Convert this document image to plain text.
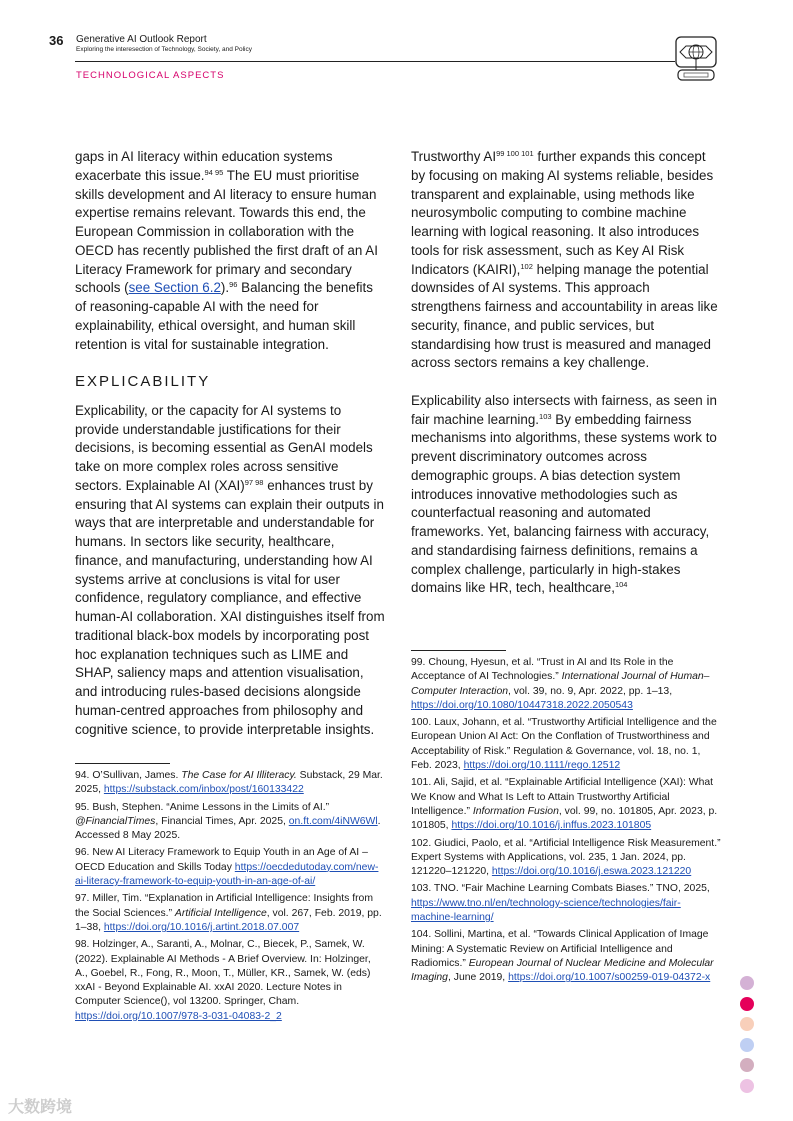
36 Generative AI Outlook Report
Exploring the interesection of Technology, Society, and Policy
TECHNOLOGICAL ASPECTS

gaps in AI literacy within education systems exacerbate this issue.$^{94 95}$ The EU must prioritise skills development and AI literacy to ensure human expertise remains relevant. Towards this end, the European Commission in collaboration with the OECD has recently published the first draft of an AI Literacy Framework for primary and secondary schools (see Section 6.2).$^{96}$ Balancing the benefits of reasoning-capable AI with the need for explainability, ethical oversight, and human skill retention is vital for sustainable integration.

EXPLICABILITY

Explicability, or the capacity for AI systems to provide understandable justifications for their decisions, is becoming essential as GenAI models take on more complex roles across sensitive sectors. Explainable AI (XAI)$^{97 98}$ enhances trust by ensuring that AI systems can explain their outputs in ways that are interpretable and understandable for humans. In sectors like security, healthcare, finance, and manufacturing, understanding how AI systems arrive at conclusions is vital for user confidence, regulatory compliance, and effective human-AI collaboration. XAI distinguishes itself from traditional black-box models by incorporating post hoc explanation techniques such as LIME and SHAP, saliency maps and attention visualisation, and introducing rules-based decisions alongside human-centred approaches from philosophy and cognitive science, to provide interpretable insights.

Trustworthy $AI^{99 100 101}$ further expands this concept by focusing on making AI systems reliable, besides transparent and explainable, using methods like neurosymbolic computing to combine machine learning with logical reasoning. It also introduces tools for risk assessment, such as Key AI Risk Indicators (KAIRI),$^{102}$ helping manage the potential downsides of AI systems. This approach strengthens fairness and accountability in areas like security, finance, and public services, but standardising how trust is measured and managed across sectors remains a key challenge.

Explicability also intersects with fairness, as seen in fair machine learning.$^{103}$ By embedding fairness mechanisms into algorithms, these systems work to prevent discriminatory outcomes across demographic groups. A bias detection system introduces innovative methodologies such as counterfactual reasoning and automated frameworks. Yet, balancing fairness with accuracy, and standardising fairness definitions, remains a complex challenge, particularly in high-stakes domains like HR, tech, healthcare,$^{104}$

94. O’Sullivan, James. The Case for AI Illiteracy. Substack, 29 Mar. 2025, https://substack.com/inbox/post/160133422
95. Bush, Stephen. “Anime Lessons in the Limits of AI.” @FinancialTimes, Financial Times, Apr. 2025, on.ft.com/4iNW6Wl. Accessed 8 May 2025.
96. New AI Literacy Framework to Equip Youth in an Age of AI – OECD Education and Skills Today https://oecdedutoday.com/new-ai-literacy-framework-to-equip-youth-in-an-age-of-ai/
97. Miller, Tim. “Explanation in Artificial Intelligence: Insights from the Social Sciences.” Artificial Intelligence, vol. 267, Feb. 2019, pp. 1–38, https://doi.org/10.1016/j.artint.2018.07.007
98. Holzinger, A., Saranti, A., Molnar, C., Biecek, P., Samek, W. (2022). Explainable AI Methods - A Brief Overview. In: Holzinger, A., Goebel, R., Fong, R., Moon, T., Müller, KR., Samek, W. (eds) xxAI - Beyond Explainable AI. xxAI 2020. Lecture Notes in Computer Science(), vol 13200. Springer, Cham. https://doi.org/10.1007/978-3-031-04083-2_2
99. Choung, Hyesun, et al. “Trust in AI and Its Role in the Acceptance of AI Technologies.” International Journal of Human–Computer Interaction, vol. 39, no. 9, Apr. 2022, pp. 1–13, https://doi.org/10.1080/10447318.2022.2050543
100. Laux, Johann, et al. “Trustworthy Artificial Intelligence and the European Union AI Act: On the Conflation of Trustworthiness and Acceptability of Risk.” Regulation & Governance, vol. 18, no. 1, Feb. 2023, https://doi.org/10.1111/rego.12512
101. Ali, Sajid, et al. “Explainable Artificial Intelligence (XAI): What We Know and What Is Left to Attain Trustworthy Artificial Intelligence.” Information Fusion, vol. 99, no. 101805, Apr. 2023, p. 101805, https://doi.org/10.1016/j.inffus.2023.101805
102. Giudici, Paolo, et al. “Artificial Intelligence Risk Measurement.” Expert Systems with Applications, vol. 235, 1 Jan. 2024, pp. 121220–121220, https://doi.org/10.1016/j.eswa.2023.121220
103. TNO. “Fair Machine Learning Combats Biases.” TNO, 2025, https://www.tno.nl/en/technology-science/technologies/fair-machine-learning/
104. Sollini, Martina, et al. “Towards Clinical Application of Image Mining: A Systematic Review on Artificial Intelligence and Radiomics.” European Journal of Nuclear Medicine and Molecular Imaging, June 2019, https://doi.org/10.1007/s00259-019-04372-x
大数跨境
